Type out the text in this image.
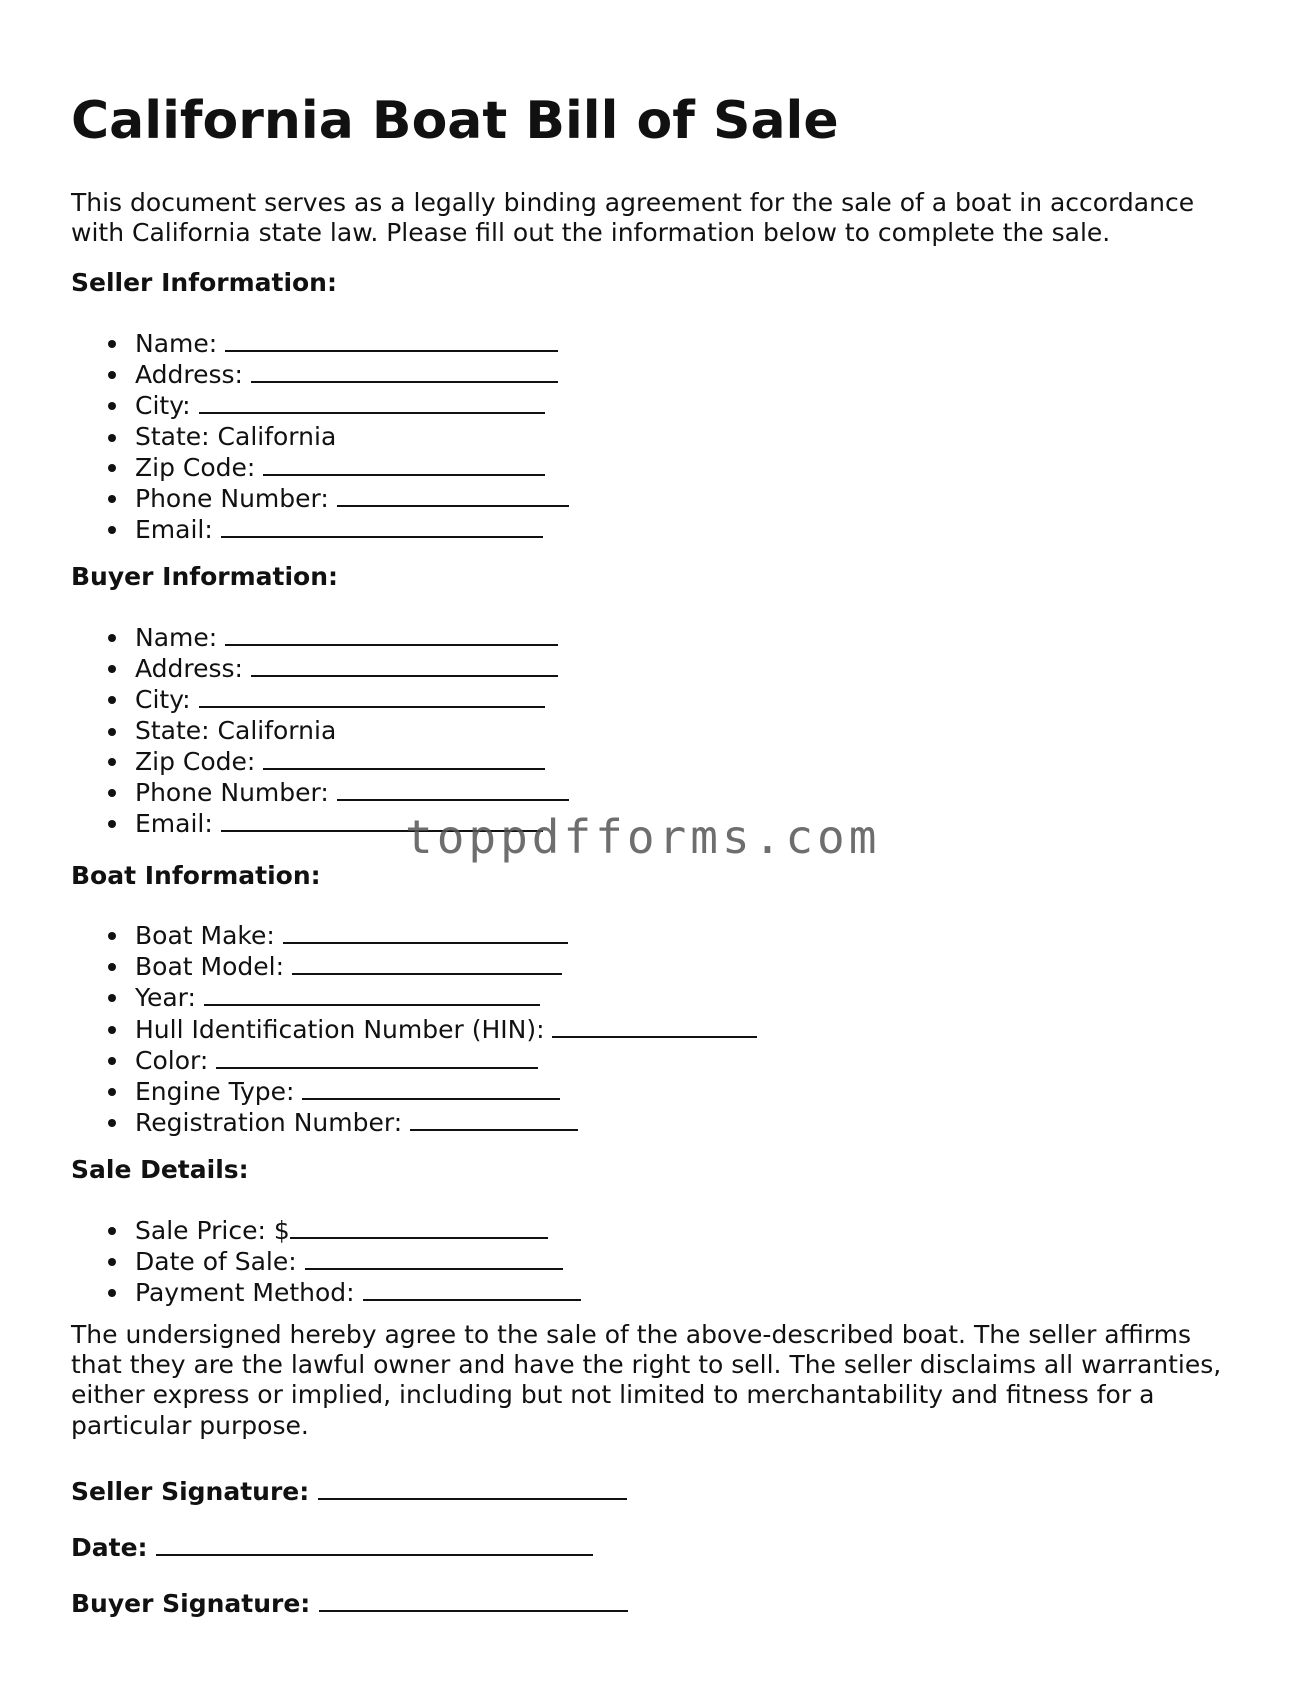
California Boat Bill of Sale

This document serves as a legally binding agreement for the sale of a boat in accordance with California state law. Please fill out the information below to complete the sale.

Seller Information:

Name:
Address:
City:
State: California
Zip Code:
Phone Number:
Email:

Buyer Information:

Name:
Address:
City:
State: California
Zip Code:
Phone Number:
Email:

Boat Information:

Boat Make:
Boat Model:
Year:
Hull Identification Number (HIN):
Color:
Engine Type:
Registration Number:

Sale Details:

Sale Price: $
Date of Sale:
Payment Method:

The undersigned hereby agree to the sale of the above-described boat. The seller affirms that they are the lawful owner and have the right to sell. The seller disclaims all warranties, either express or implied, including but not limited to merchantability and fitness for a particular purpose.

Seller Signature:

Date:

Buyer Signature:

toppdfforms.com
